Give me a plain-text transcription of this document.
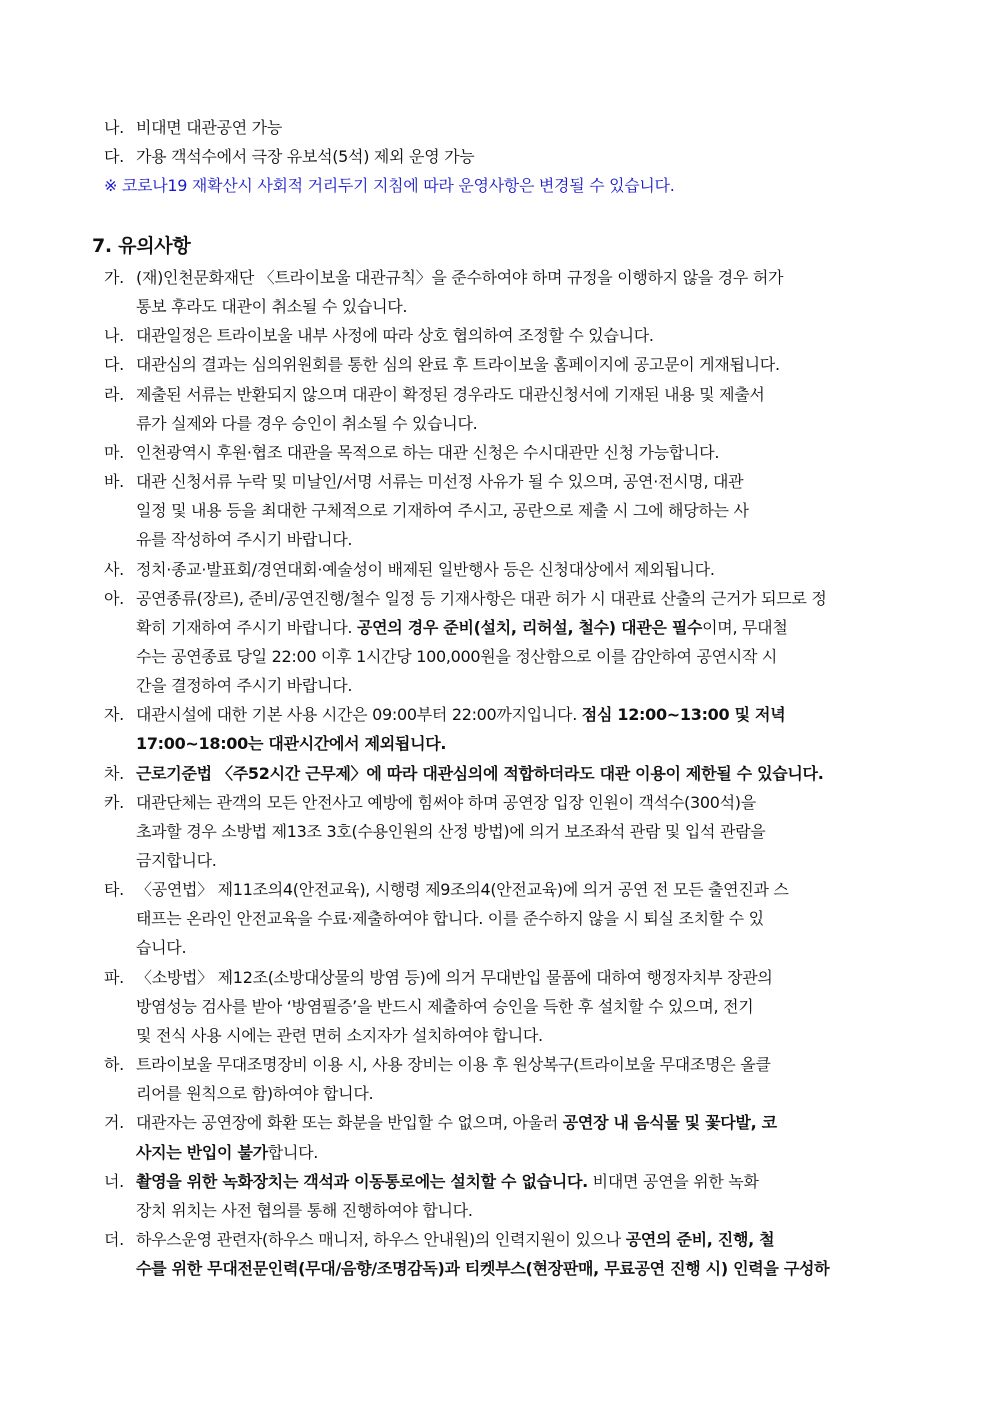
나. 비대면 대관공연 가능
다. 가용 객석수에서 극장 유보석(5석) 제외 운영 가능
※ 코로나19 재확산시 사회적 거리두기 지침에 따라 운영사항은 변경될 수 있습니다.
7. 유의사항
가. (재)인천문화재단 〈트라이보울 대관규칙〉을 준수하여야 하며 규정을 이행하지 않을 경우 허가
통보 후라도 대관이 취소될 수 있습니다.
나. 대관일정은 트라이보울 내부 사정에 따라 상호 협의하여 조정할 수 있습니다.
다. 대관심의 결과는 심의위원회를 통한 심의 완료 후 트라이보울 홈페이지에 공고문이 게재됩니다.
라. 제출된 서류는 반환되지 않으며 대관이 확정된 경우라도 대관신청서에 기재된 내용 및 제출서
류가 실제와 다를 경우 승인이 취소될 수 있습니다.
마. 인천광역시 후원·협조 대관을 목적으로 하는 대관 신청은 수시대관만 신청 가능합니다.
바. 대관 신청서류 누락 및 미날인/서명 서류는 미선정 사유가 될 수 있으며, 공연·전시명, 대관
일정 및 내용 등을 최대한 구체적으로 기재하여 주시고, 공란으로 제출 시 그에 해당하는 사
유를 작성하여 주시기 바랍니다.
사. 정치·종교·발표회/경연대회·예술성이 배제된 일반행사 등은 신청대상에서 제외됩니다.
아. 공연종류(장르), 준비/공연진행/철수 일정 등 기재사항은 대관 허가 시 대관료 산출의 근거가 되므로 정
확히 기재하여 주시기 바랍니다. 공연의 경우 준비(설치, 리허설, 철수) 대관은 필수이며, 무대철
수는 공연종료 당일 22:00 이후 1시간당 100,000원을 정산함으로 이를 감안하여 공연시작 시
간을 결정하여 주시기 바랍니다.
자. 대관시설에 대한 기본 사용 시간은 09:00부터 22:00까지입니다. 점심 12:00~13:00 및 저녁
17:00~18:00는 대관시간에서 제외됩니다.
차. 근로기준법 〈주52시간 근무제〉에 따라 대관심의에 적합하더라도 대관 이용이 제한될 수 있습니다.
카. 대관단체는 관객의 모든 안전사고 예방에 힘써야 하며 공연장 입장 인원이 객석수(300석)을
초과할 경우 소방법 제13조 3호(수용인원의 산정 방법)에 의거 보조좌석 관람 및 입석 관람을
금지합니다.
타. 〈공연법〉 제11조의4(안전교육), 시행령 제9조의4(안전교육)에 의거 공연 전 모든 출연진과 스
태프는 온라인 안전교육을 수료·제출하여야 합니다. 이를 준수하지 않을 시 퇴실 조치할 수 있
습니다.
파. 〈소방법〉 제12조(소방대상물의 방염 등)에 의거 무대반입 물품에 대하여 행정자치부 장관의
방염성능 검사를 받아 ‘방염필증’을 반드시 제출하여 승인을 득한 후 설치할 수 있으며, 전기
및 전식 사용 시에는 관련 면허 소지자가 설치하여야 합니다.
하. 트라이보울 무대조명장비 이용 시, 사용 장비는 이용 후 원상복구(트라이보울 무대조명은 올클
리어를 원칙으로 함)하여야 합니다.
거. 대관자는 공연장에 화환 또는 화분을 반입할 수 없으며, 아울러 공연장 내 음식물 및 꽃다발, 코
사지는 반입이 불가합니다.
너. 촬영을 위한 녹화장치는 객석과 이동통로에는 설치할 수 없습니다. 비대면 공연을 위한 녹화
장치 위치는 사전 협의를 통해 진행하여야 합니다.
더. 하우스운영 관련자(하우스 매니저, 하우스 안내원)의 인력지원이 있으나 공연의 준비, 진행, 철
수를 위한 무대전문인력(무대/음향/조명감독)과 티켓부스(현장판매, 무료공연 진행 시) 인력을 구성하
